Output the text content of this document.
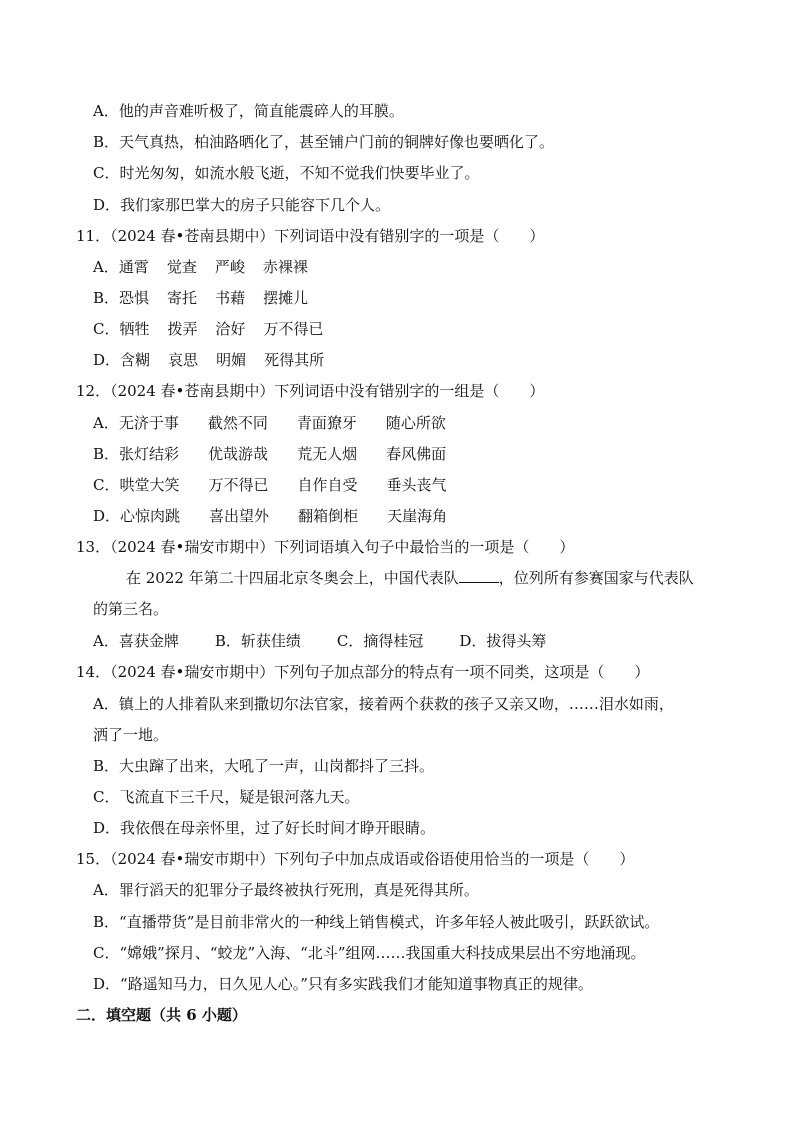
A．他的声音难听极了，简直能震碎人的耳膜。
B．天气真热，柏油路晒化了，甚至铺户门前的铜牌好像也要晒化了。
C．时光匆匆，如流水般飞逝，不知不觉我们快要毕业了。
D．我们家那巴掌大的房子只能容下几个人。
11．（2024 春•苍南县期中）下列词语中没有错别字的一项是（ ）
A．通霄 觉查 严峻 赤裸裸
B．恐惧 寄托 书藉 摆摊儿
C．牺牲 拨弄 洽好 万不得已
D．含糊 哀思 明媚 死得其所
12．（2024 春•苍南县期中）下列词语中没有错别字的一组是（ ）
A．无济于事 截然不同 青面獠牙 随心所欲
B．张灯结彩 优哉游哉 荒无人烟 春风佛面
C．哄堂大笑 万不得已 自作自受 垂头丧气
D．心惊肉跳 喜出望外 翻箱倒柜 天崖海角
13．（2024 春•瑞安市期中）下列词语填入句子中最恰当的一项是（ ）
在 2022 年第二十四届北京冬奥会上，中国代表队	，位列所有参赛国家与代表队
的第三名。
A．喜获金牌 B．斩获佳绩 C．摘得桂冠 D．拔得头筹
14．（2024 春•瑞安市期中）下列句子加点部分的特点有一项不同类，这项是（ ）
A．镇上的人排着队来到撒切尔法官家，接着两个获救的孩子又亲又吻，……泪水如雨，
洒了一地。
B．大虫蹿了出来，大吼了一声，山岗都抖了三抖。
C．飞流直下三千尺，疑是银河落九天。
D．我依偎在母亲怀里，过了好长时间才睁开眼睛。
15．（2024 春•瑞安市期中）下列句子中加点成语或俗语使用恰当的一项是（ ）
A．罪行滔天的犯罪分子最终被执行死刑，真是死得其所。
B．“直播带货”是目前非常火的一种线上销售模式，许多年轻人被此吸引，跃跃欲试。
C．“嫦娥”探月、“蛟龙”入海、“北斗”组网……我国重大科技成果层出不穷地涌现。
D．“路遥知马力，日久见人心。”只有多实践我们才能知道事物真正的规律。
二．填空题（共 6 小题）
